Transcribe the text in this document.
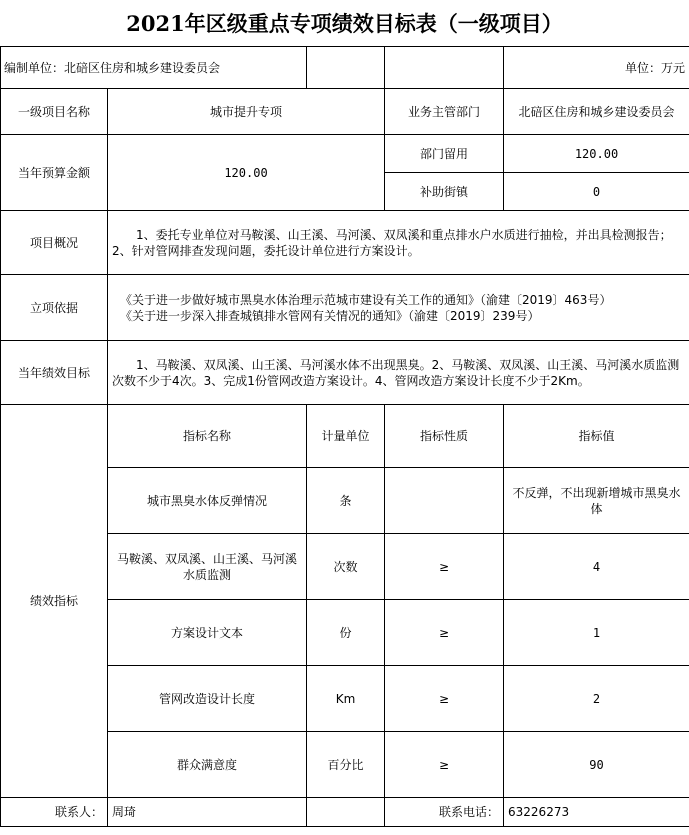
2021年区级重点专项绩效目标表（一级项目）
编制单位：北碚区住房和城乡建设委员会				单位：万元
一级项目名称	城市提升专项		业务主管部门	北碚区住房和城乡建设委员会
当年预算金额	120.00		部门留用	120.00
			补助街镇	0
项目概况	1、委托专业单位对马鞍溪、山王溪、马河溪、双凤溪和重点排水户水质进行抽检，并出具检测报告；2、针对管网排查发现问题，委托设计单位进行方案设计。			
立项依据	《关于进一步做好城市黑臭水体治理示范城市建设有关工作的通知》（渝建〔2019〕463号）
《关于进一步深入排查城镇排水管网有关情况的通知》（渝建〔2019〕239号）			

当年绩效目标	1、马鞍溪、双凤溪、山王溪、马河溪水体不出现黑臭。2、马鞍溪、双凤溪、山王溪、马河溪水质监测次数不少于4次。3、完成1份管网改造方案设计。4、管网改造方案设计长度不少于2Km。			
绩效指标	指标名称	计量单位	指标性质	指标值
	城市黑臭水体反弹情况	条		不反弹，不出现新增城市黑臭水体
	马鞍溪、双凤溪、山王溪、马河溪水质监测	次数	≥	4
	方案设计文本	份	≥	1
	管网改造设计长度	Km	≥	2
	群众满意度	百分比	≥	90
联系人：	周琦		联系电话：	63226273
